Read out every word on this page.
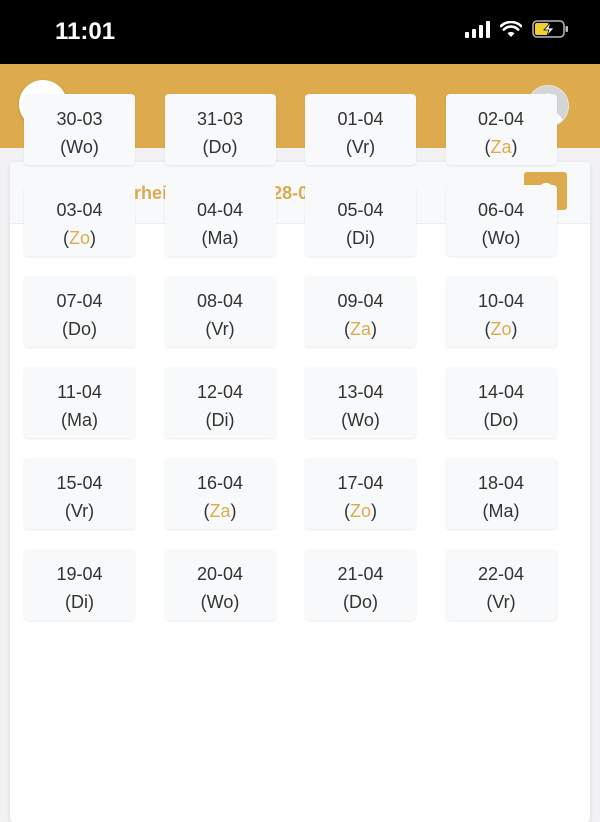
11:01
28-04)
30-03
(Wo)
31-03
(Do)
01-04
(Vr)
02-04
(Za)
03-04
(Zo)
04-04
(Ma)
05-04
(Di)
06-04
(Wo)
07-04
(Do)
08-04
(Vr)
09-04
(Za)
10-04
(Zo)
11-04
(Ma)
12-04
(Di)
13-04
(Wo)
14-04
(Do)
15-04
(Vr)
16-04
(Za)
17-04
(Zo)
18-04
(Ma)
19-04
(Di)
20-04
(Wo)
21-04
(Do)
22-04
(Vr)
